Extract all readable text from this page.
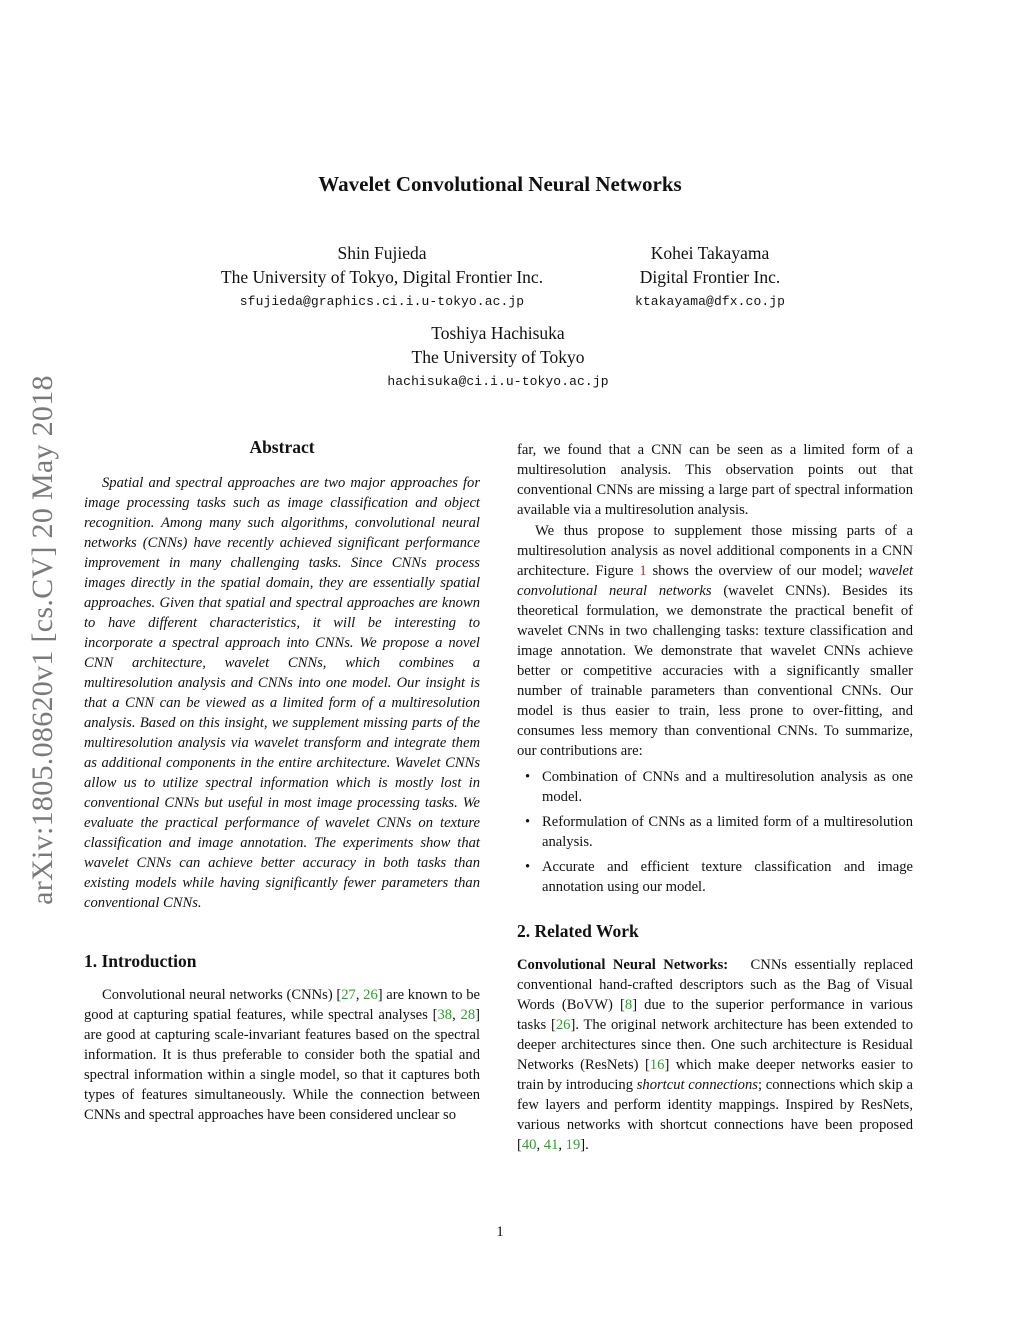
arXiv:1805.08620v1 [cs.CV] 20 May 2018
Wavelet Convolutional Neural Networks
Shin Fujieda
The University of Tokyo, Digital Frontier Inc.
sfujieda@graphics.ci.i.u-tokyo.ac.jp
Kohei Takayama
Digital Frontier Inc.
ktakayama@dfx.co.jp
Toshiya Hachisuka
The University of Tokyo
hachisuka@ci.i.u-tokyo.ac.jp
Abstract

Spatial and spectral approaches are two major approaches for image processing tasks such as image classification and object recognition. Among many such algorithms, convolutional neural networks (CNNs) have recently achieved significant performance improvement in many challenging tasks. Since CNNs process images directly in the spatial domain, they are essentially spatial approaches. Given that spatial and spectral approaches are known to have different characteristics, it will be interesting to incorporate a spectral approach into CNNs. We propose a novel CNN architecture, wavelet CNNs, which combines a multiresolution analysis and CNNs into one model. Our insight is that a CNN can be viewed as a limited form of a multiresolution analysis. Based on this insight, we supplement missing parts of the multiresolution analysis via wavelet transform and integrate them as additional components in the entire architecture. Wavelet CNNs allow us to utilize spectral information which is mostly lost in conventional CNNs but useful in most image processing tasks. We evaluate the practical performance of wavelet CNNs on texture classification and image annotation. The experiments show that wavelet CNNs can achieve better accuracy in both tasks than existing models while having significantly fewer parameters than conventional CNNs.

1. Introduction

Convolutional neural networks (CNNs) [27, 26] are known to be good at capturing spatial features, while spectral analyses [38, 28] are good at capturing scale-invariant features based on the spectral information. It is thus preferable to consider both the spatial and spectral information within a single model, so that it captures both types of features simultaneously. While the connection between CNNs and spectral approaches have been considered unclear so

far, we found that a CNN can be seen as a limited form of a multiresolution analysis. This observation points out that conventional CNNs are missing a large part of spectral information available via a multiresolution analysis.

We thus propose to supplement those missing parts of a multiresolution analysis as novel additional components in a CNN architecture. Figure 1 shows the overview of our model; wavelet convolutional neural networks (wavelet CNNs). Besides its theoretical formulation, we demonstrate the practical benefit of wavelet CNNs in two challenging tasks: texture classification and image annotation. We demonstrate that wavelet CNNs achieve better or competitive accuracies with a significantly smaller number of trainable parameters than conventional CNNs. Our model is thus easier to train, less prone to over-fitting, and consumes less memory than conventional CNNs. To summarize, our contributions are:

• Combination of CNNs and a multiresolution analysis as one model.
• Reformulation of CNNs as a limited form of a multiresolution analysis.
• Accurate and efficient texture classification and image annotation using our model.
2. Related Work

Convolutional Neural Networks: CNNs essentially replaced conventional hand-crafted descriptors such as the Bag of Visual Words (BoVW) [8] due to the superior performance in various tasks [26]. The original network architecture has been extended to deeper architectures since then. One such architecture is Residual Networks (ResNets) [16] which make deeper networks easier to train by introducing shortcut connections; connections which skip a few layers and perform identity mappings. Inspired by ResNets, various networks with shortcut connections have been proposed [40, 41, 19].

1
